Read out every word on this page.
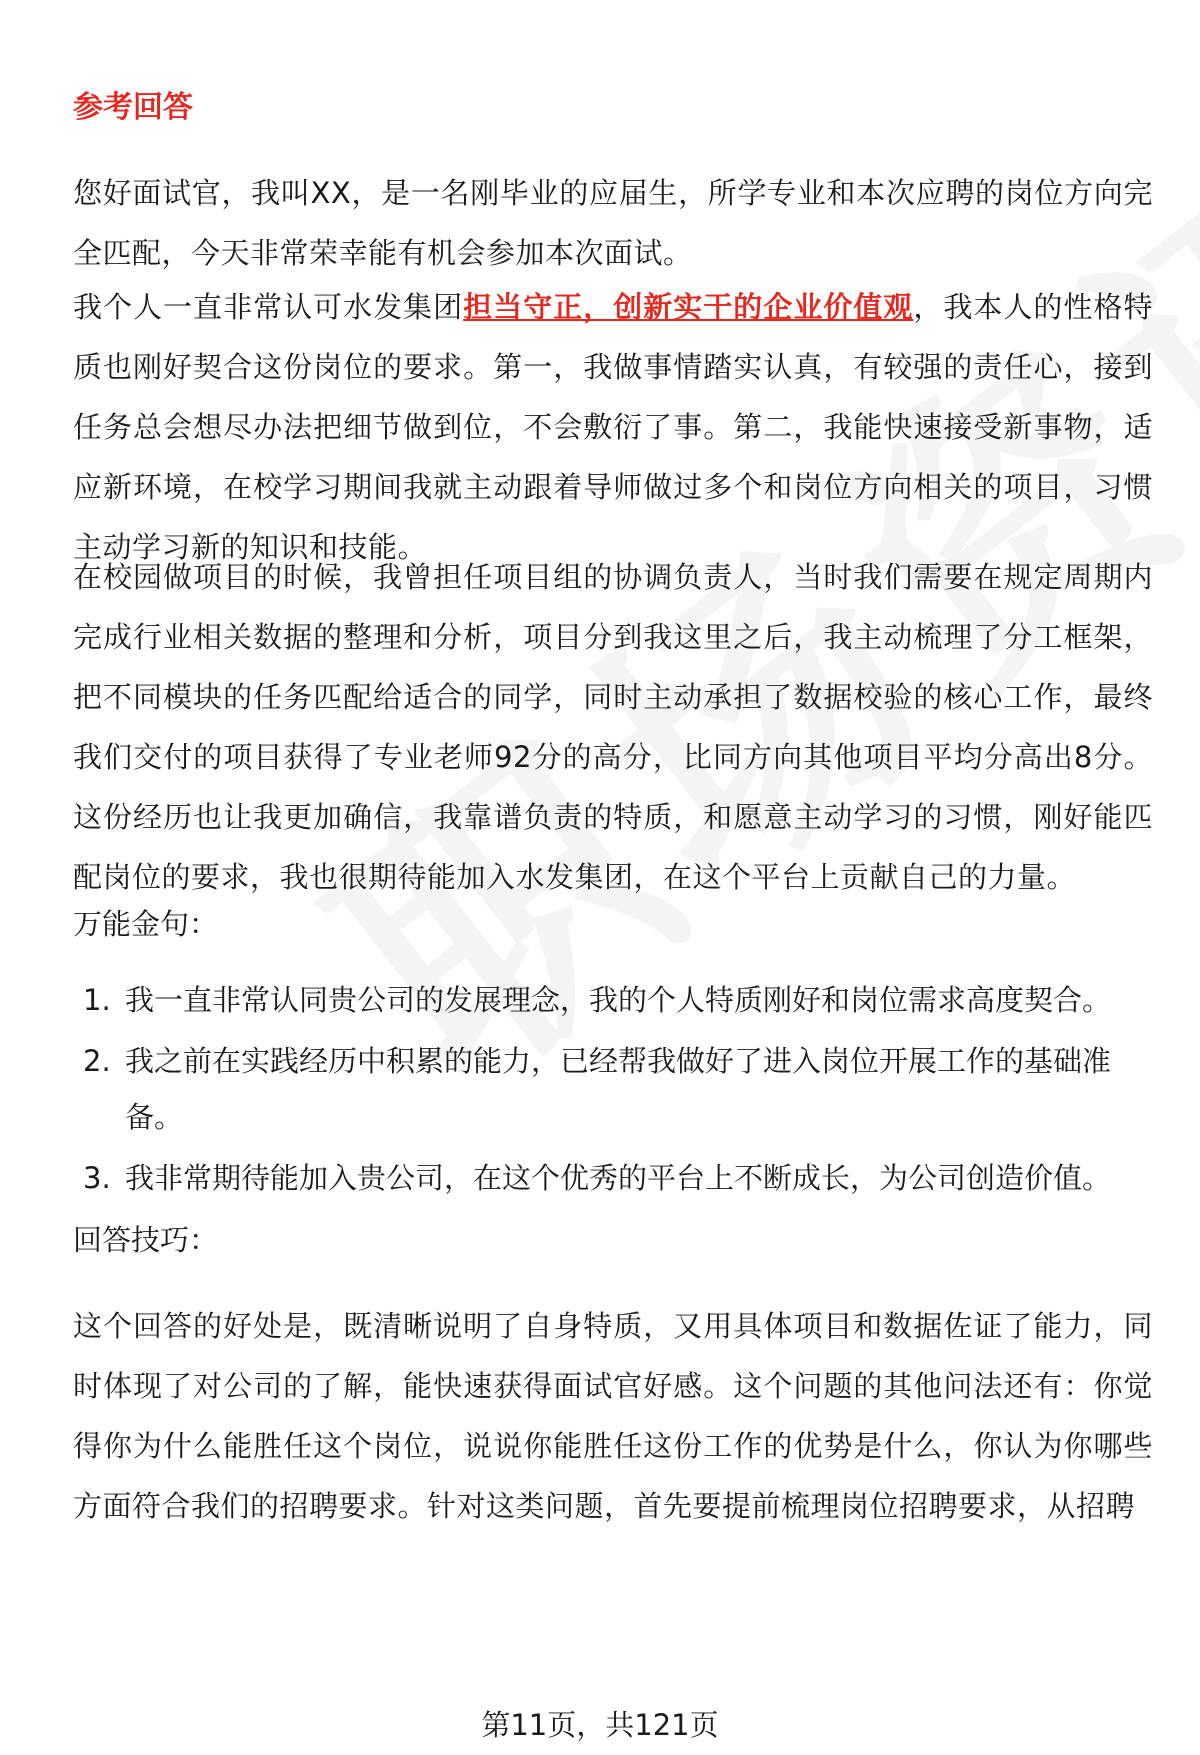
参考回答
您好面试官，我叫XX，是一名刚毕业的应届生，所学专业和本次应聘的岗位方向完全匹配，今天非常荣幸能有机会参加本次面试。
我个人一直非常认可水发集团担当守正，创新实干的企业价值观，我本人的性格特质也刚好契合这份岗位的要求。第一，我做事情踏实认真，有较强的责任心，接到任务总会想尽办法把细节做到位，不会敷衍了事。第二，我能快速接受新事物，适应新环境，在校学习期间我就主动跟着导师做过多个和岗位方向相关的项目，习惯主动学习新的知识和技能。
在校园做项目的时候，我曾担任项目组的协调负责人，当时我们需要在规定周期内完成行业相关数据的整理和分析，项目分到我这里之后，我主动梳理了分工框架，把不同模块的任务匹配给适合的同学，同时主动承担了数据校验的核心工作，最终我们交付的项目获得了专业老师92分的高分，比同方向其他项目平均分高出8分。这份经历也让我更加确信，我靠谱负责的特质，和愿意主动学习的习惯，刚好能匹配岗位的要求，我也很期待能加入水发集团，在这个平台上贡献自己的力量。
万能金句：
1. 我一直非常认同贵公司的发展理念，我的个人特质刚好和岗位需求高度契合。
2. 我之前在实践经历中积累的能力，已经帮我做好了进入岗位开展工作的基础准备。
3. 我非常期待能加入贵公司，在这个优秀的平台上不断成长，为公司创造价值。
回答技巧：
这个回答的好处是，既清晰说明了自身特质，又用具体项目和数据佐证了能力，同时体现了对公司的了解，能快速获得面试官好感。这个问题的其他问法还有：你觉得你为什么能胜任这个岗位，说说你能胜任这份工作的优势是什么，你认为你哪些方面符合我们的招聘要求。针对这类问题，首先要提前梳理岗位招聘要求，从招聘
第11页，共121页
